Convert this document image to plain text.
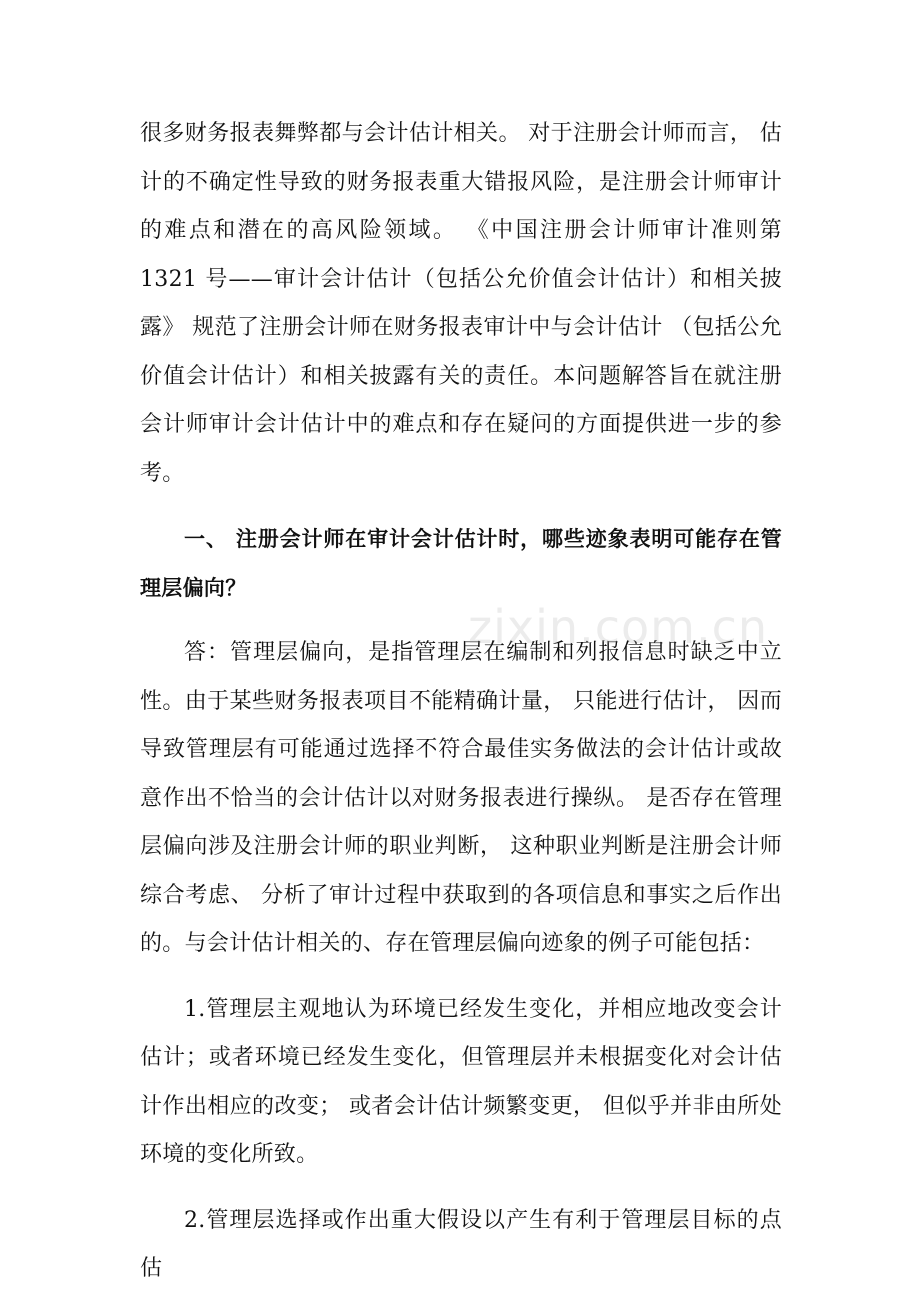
很多财务报表舞弊都与会计估计相关。 对于注册会计师而言， 估计的不确定性导致的财务报表重大错报风险，是注册会计师审计的难点和潜在的高风险领域。 《中国注册会计师审计准则第 1321 号——审计会计估计（包括公允价值会计估计）和相关披露》 规范了注册会计师在财务报表审计中与会计估计 （包括公允价值会计估计）和相关披露有关的责任。本问题解答旨在就注册会计师审计会计估计中的难点和存在疑问的方面提供进一步的参考。

一、 注册会计师在审计会计估计时，哪些迹象表明可能存在管理层偏向？

答：管理层偏向，是指管理层在编制和列报信息时缺乏中立性。由于某些财务报表项目不能精确计量， 只能进行估计， 因而导致管理层有可能通过选择不符合最佳实务做法的会计估计或故意作出不恰当的会计估计以对财务报表进行操纵。 是否存在管理层偏向涉及注册会计师的职业判断， 这种职业判断是注册会计师综合考虑、 分析了审计过程中获取到的各项信息和事实之后作出的。与会计估计相关的、存在管理层偏向迹象的例子可能包括：

1.管理层主观地认为环境已经发生变化，并相应地改变会计估计；或者环境已经发生变化，但管理层并未根据变化对会计估计作出相应的改变； 或者会计估计频繁变更， 但似乎并非由所处环境的变化所致。

2.管理层选择或作出重大假设以产生有利于管理层目标的点估

zixin.com.cn
